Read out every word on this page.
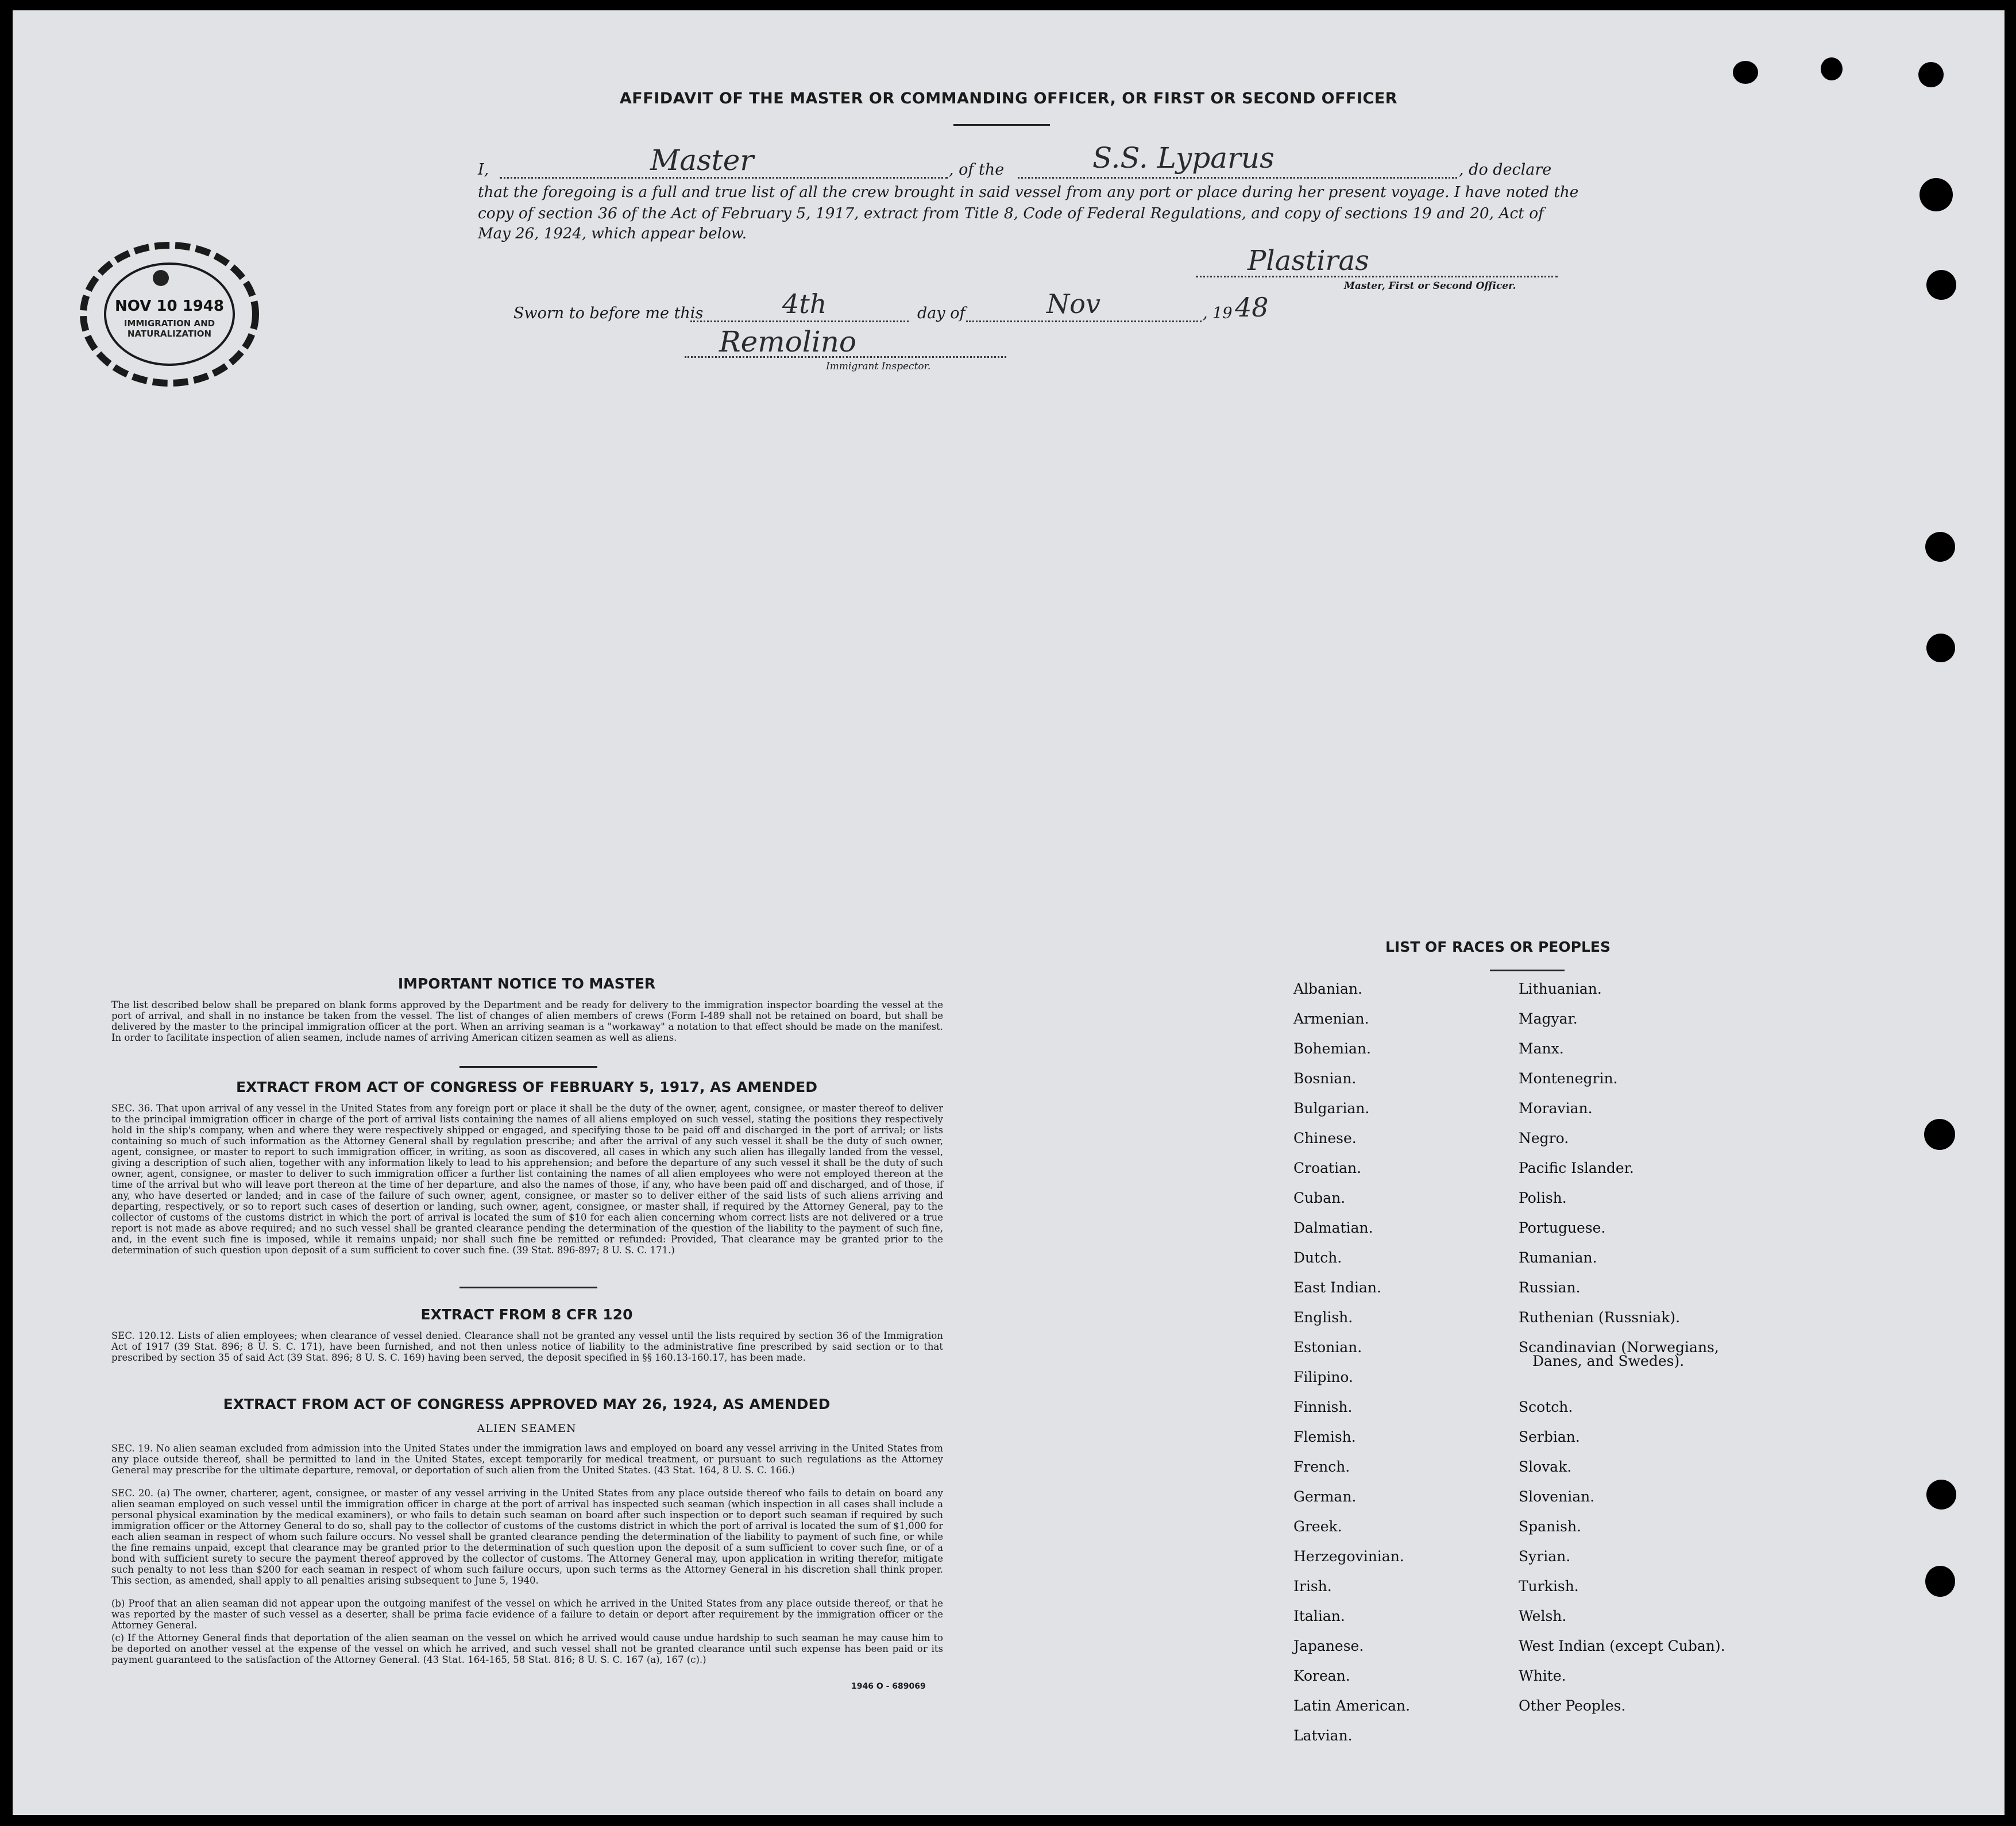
AFFIDAVIT OF THE MASTER OR COMMANDING OFFICER, OR FIRST OR SECOND OFFICER
I,	Master	, of the	S.S. Lyparus	, do declare
that the foregoing is a full and true list of all the crew brought in said vessel from any port or place during her present voyage. I have noted the
copy of section 36 of the Act of February 5, 1917, extract from Title 8, Code of Federal Regulations, and copy of sections 19 and 20, Act of
May 26, 1924, which appear below.
Plastiras
Master, First or Second Officer.
Sworn to before me this	4th	day of	Nov	, 19 48
Remolino
Immigrant Inspector.
NOV 10 1948
IMMIGRATION AND
NATURALIZATION
IMPORTANT NOTICE TO MASTER
The list described below shall be prepared on blank forms approved by the Department and be ready for delivery to the immigration inspector boarding the vessel at the port of arrival, and shall in no instance be taken from the vessel. The list of changes of alien members of crews (Form I-489 shall not be retained on board, but shall be delivered by the master to the principal immigration officer at the port. When an arriving seaman is a "workaway" a notation to that effect should be made on the manifest. In order to facilitate inspection of alien seamen, include names of arriving American citizen seamen as well as aliens.
EXTRACT FROM ACT OF CONGRESS OF FEBRUARY 5, 1917, AS AMENDED
SEC. 36. That upon arrival of any vessel in the United States from any foreign port or place it shall be the duty of the owner, agent, consignee, or master thereof to deliver to the principal immigration officer in charge of the port of arrival lists containing the names of all aliens employed on such vessel, stating the positions they respectively hold in the ship's company, when and where they were respectively shipped or engaged, and specifying those to be paid off and discharged in the port of arrival; or lists containing so much of such information as the Attorney General shall by regulation prescribe; and after the arrival of any such vessel it shall be the duty of such owner, agent, consignee, or master to report to such immigration officer, in writing, as soon as discovered, all cases in which any such alien has illegally landed from the vessel, giving a description of such alien, together with any information likely to lead to his apprehension; and before the departure of any such vessel it shall be the duty of such owner, agent, consignee, or master to deliver to such immigration officer a further list containing the names of all alien employees who were not employed thereon at the time of the arrival but who will leave port thereon at the time of her departure, and also the names of those, if any, who have been paid off and discharged, and of those, if any, who have deserted or landed; and in case of the failure of such owner, agent, consignee, or master so to deliver either of the said lists of such aliens arriving and departing, respectively, or so to report such cases of desertion or landing, such owner, agent, consignee, or master shall, if required by the Attorney General, pay to the collector of customs of the customs district in which the port of arrival is located the sum of $10 for each alien concerning whom correct lists are not delivered or a true report is not made as above required; and no such vessel shall be granted clearance pending the determination of the question of the liability to the payment of such fine, and, in the event such fine is imposed, while it remains unpaid; nor shall such fine be remitted or refunded: Provided, That clearance may be granted prior to the determination of such question upon deposit of a sum sufficient to cover such fine. (39 Stat. 896-897; 8 U. S. C. 171.)
EXTRACT FROM 8 CFR 120
SEC. 120.12. Lists of alien employees; when clearance of vessel denied. Clearance shall not be granted any vessel until the lists required by section 36 of the Immigration Act of 1917 (39 Stat. 896; 8 U. S. C. 171), have been furnished, and not then unless notice of liability to the administrative fine prescribed by said section or to that prescribed by section 35 of said Act (39 Stat. 896; 8 U. S. C. 169) having been served, the deposit specified in §§ 160.13-160.17, has been made.
EXTRACT FROM ACT OF CONGRESS APPROVED MAY 26, 1924, AS AMENDED
ALIEN SEAMEN
SEC. 19. No alien seaman excluded from admission into the United States under the immigration laws and employed on board any vessel arriving in the United States from any place outside thereof, shall be permitted to land in the United States, except temporarily for medical treatment, or pursuant to such regulations as the Attorney General may prescribe for the ultimate departure, removal, or deportation of such alien from the United States. (43 Stat. 164, 8 U. S. C. 166.)
SEC. 20. (a) The owner, charterer, agent, consignee, or master of any vessel arriving in the United States from any place outside thereof who fails to detain on board any alien seaman employed on such vessel until the immigration officer in charge at the port of arrival has inspected such seaman (which inspection in all cases shall include a personal physical examination by the medical examiners), or who fails to detain such seaman on board after such inspection or to deport such seaman if required by such immigration officer or the Attorney General to do so, shall pay to the collector of customs of the customs district in which the port of arrival is located the sum of $1,000 for each alien seaman in respect of whom such failure occurs. No vessel shall be granted clearance pending the determination of the liability to payment of such fine, or while the fine remains unpaid, except that clearance may be granted prior to the determination of such question upon the deposit of a sum sufficient to cover such fine, or of a bond with sufficient surety to secure the payment thereof approved by the collector of customs. The Attorney General may, upon application in writing therefor, mitigate such penalty to not less than $200 for each seaman in respect of whom such failure occurs, upon such terms as the Attorney General in his discretion shall think proper. This section, as amended, shall apply to all penalties arising subsequent to June 5, 1940.
(b) Proof that an alien seaman did not appear upon the outgoing manifest of the vessel on which he arrived in the United States from any place outside thereof, or that he was reported by the master of such vessel as a deserter, shall be prima facie evidence of a failure to detain or deport after requirement by the immigration officer or the Attorney General.
(c) If the Attorney General finds that deportation of the alien seaman on the vessel on which he arrived would cause undue hardship to such seaman he may cause him to be deported on another vessel at the expense of the vessel on which he arrived, and such vessel shall not be granted clearance until such expense has been paid or its payment guaranteed to the satisfaction of the Attorney General. (43 Stat. 164-165, 58 Stat. 816; 8 U. S. C. 167 (a), 167 (c).)
1946 O - 689069
LIST OF RACES OR PEOPLES
Albanian.
Armenian.
Bohemian.
Bosnian.
Bulgarian.
Chinese.
Croatian.
Cuban.
Dalmatian.
Dutch.
East Indian.
English.
Estonian.
Filipino.
Finnish.
Flemish.
French.
German.
Greek.
Herzegovinian.
Irish.
Italian.
Japanese.
Korean.
Latin American.
Latvian.
Lithuanian.
Magyar.
Manx.
Montenegrin.
Moravian.
Negro.
Pacific Islander.
Polish.
Portuguese.
Rumanian.
Russian.
Ruthenian (Russniak).
Scandinavian (Norwegians,
Danes, and Swedes).
Scotch.
Serbian.
Slovak.
Slovenian.
Spanish.
Syrian.
Turkish.
Welsh.
West Indian (except Cuban).
White.
Other Peoples.
